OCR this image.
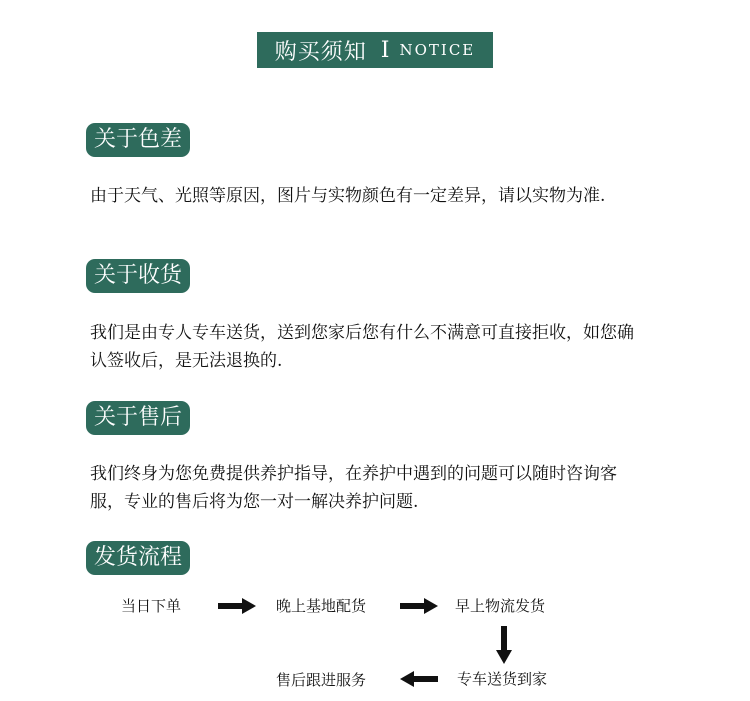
购买须知 I NOTICE
关于色差
由于天气、光照等原因，图片与实物颜色有一定差异，请以实物为准.
关于收货
我们是由专人专车送货，送到您家后您有什么不满意可直接拒收，如您确认签收后，是无法退换的.
关于售后
我们终身为您免费提供养护指导，在养护中遇到的问题可以随时咨询客服，专业的售后将为您一对一解决养护问题.
发货流程
当日下单	晚上基地配货	早上物流发货
专车送货到家
售后跟进服务
